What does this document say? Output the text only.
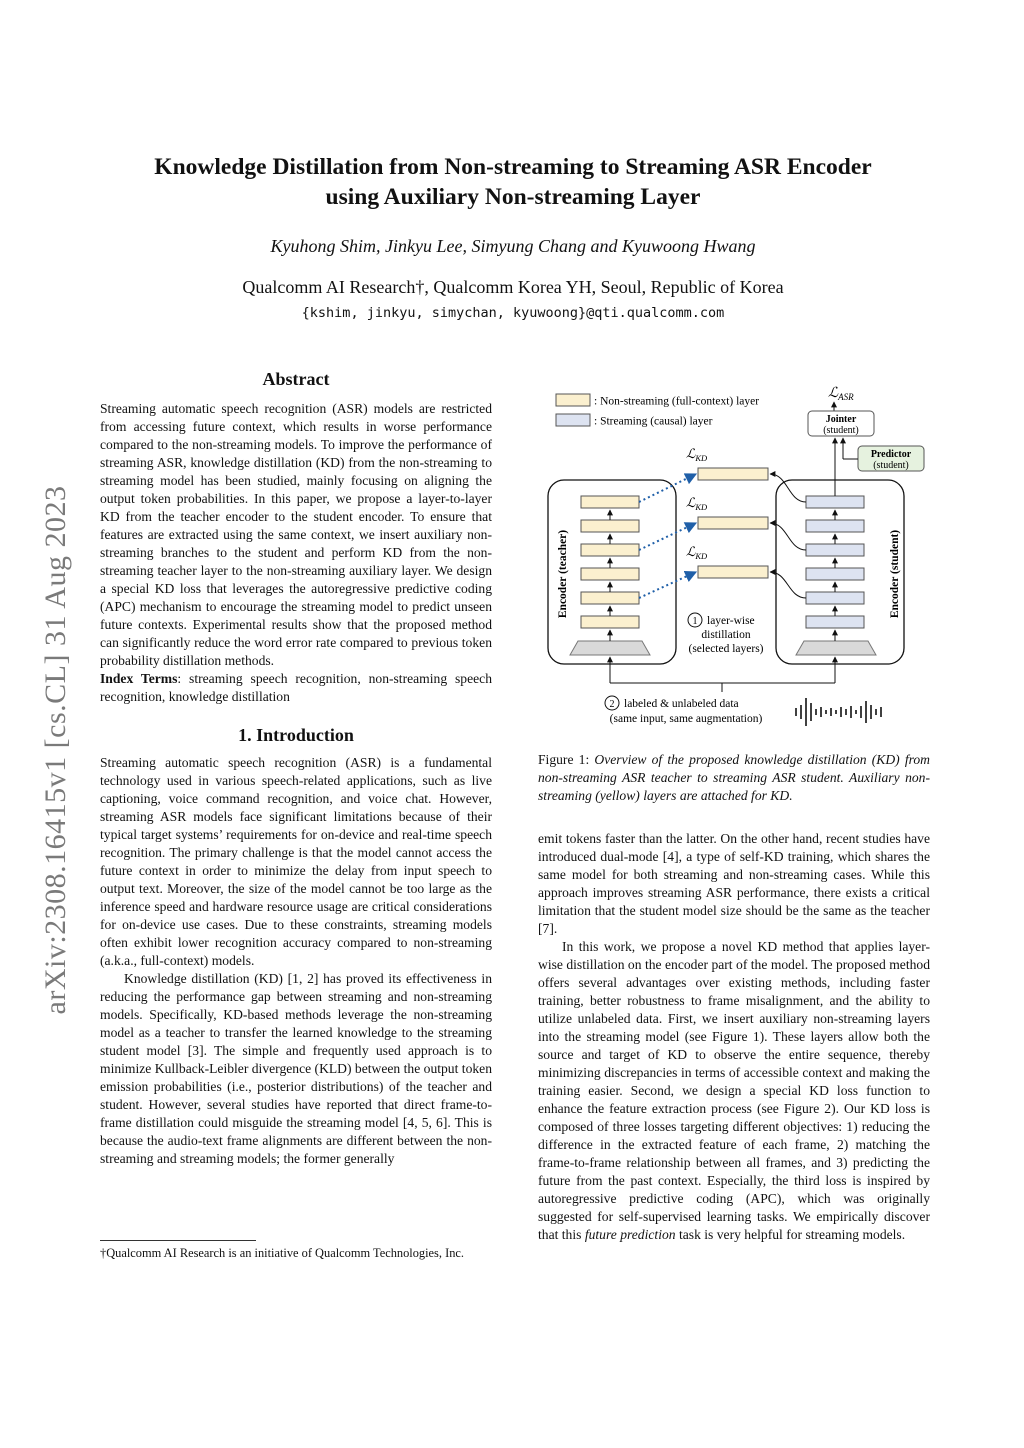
arXiv:2308.16415v1 [cs.CL] 31 Aug 2023
Knowledge Distillation from Non-streaming to Streaming ASR Encoder
using Auxiliary Non-streaming Layer
Kyuhong Shim, Jinkyu Lee, Simyung Chang and Kyuwoong Hwang
Qualcomm AI Research†, Qualcomm Korea YH, Seoul, Republic of Korea
{kshim, jinkyu, simychan, kyuwoong}@qti.qualcomm.com

Abstract

Streaming automatic speech recognition (ASR) models are restricted from accessing future context, which results in worse performance compared to the non-streaming models. To improve the performance of streaming ASR, knowledge distillation (KD) from the non-streaming to streaming model has been studied, mainly focusing on aligning the output token probabilities. In this paper, we propose a layer-to-layer KD from the teacher encoder to the student encoder. To ensure that features are extracted using the same context, we insert auxiliary non-streaming branches to the student and perform KD from the non-streaming teacher layer to the non-streaming auxiliary layer. We design a special KD loss that leverages the autoregressive predictive coding (APC) mechanism to encourage the streaming model to predict unseen future contexts. Experimental results show that the proposed method can significantly reduce the word error rate compared to previous token probability distillation methods.

Index Terms: streaming speech recognition, non-streaming speech recognition, knowledge distillation

1. Introduction

Streaming automatic speech recognition (ASR) is a fundamental technology used in various speech-related applications, such as live captioning, voice command recognition, and voice chat. However, streaming ASR models face significant limitations because of their typical target systems’ requirements for on-device and real-time speech recognition. The primary challenge is that the model cannot access the future context in order to minimize the delay from input speech to output text. Moreover, the size of the model cannot be too large as the inference speed and hardware resource usage are critical considerations for on-device use cases. Due to these constraints, streaming models often exhibit lower recognition accuracy compared to non-streaming (a.k.a., full-context) models.

Knowledge distillation (KD) [1, 2] has proved its effectiveness in reducing the performance gap between streaming and non-streaming models. Specifically, KD-based methods leverage the non-streaming model as a teacher to transfer the learned knowledge to the streaming student model [3]. The simple and frequently used approach is to minimize Kullback-Leibler divergence (KLD) between the output token emission probabilities (i.e., posterior distributions) of the teacher and student. However, several studies have reported that direct frame-to-frame distillation could misguide the streaming model [4, 5, 6]. This is because the audio-text frame alignments are different between the non-streaming and streaming models; the former generally

†Qualcomm AI Research is an initiative of Qualcomm Technologies, Inc.
: Non-streaming (full-context) layer
: Streaming (causal) layer
ℒ$_{ASR}$
Jointer
(student)
Predictor
(student)
Encoder (teacher)	Encoder (student)
ℒ$_{KD}$
ℒ$_{KD}$
ℒ$_{KD}$
1 layer-wise
distillation
(selected layers)
2 labeled & unlabeled data
(same input, same augmentation)
Figure 1: Overview of the proposed knowledge distillation (KD) from non-streaming ASR teacher to streaming ASR student. Auxiliary non-streaming (yellow) layers are attached for KD.

emit tokens faster than the latter. On the other hand, recent studies have introduced dual-mode [4], a type of self-KD training, which shares the same model for both streaming and non-streaming cases. While this approach improves streaming ASR performance, there exists a critical limitation that the student model size should be the same as the teacher [7].

In this work, we propose a novel KD method that applies layer-wise distillation on the encoder part of the model. The proposed method offers several advantages over existing methods, including faster training, better robustness to frame misalignment, and the ability to utilize unlabeled data. First, we insert auxiliary non-streaming layers into the streaming model (see Figure 1). These layers allow both the source and target of KD to observe the entire sequence, thereby minimizing discrepancies in terms of accessible context and making the training easier. Second, we design a special KD loss function to enhance the feature extraction process (see Figure 2). Our KD loss is composed of three losses targeting different objectives: 1) reducing the difference in the extracted feature of each frame, 2) matching the frame-to-frame relationship between all frames, and 3) predicting the future from the past context. Especially, the third loss is inspired by autoregressive predictive coding (APC), which was originally suggested for self-supervised learning tasks. We empirically discover that this future prediction task is very helpful for streaming models.
